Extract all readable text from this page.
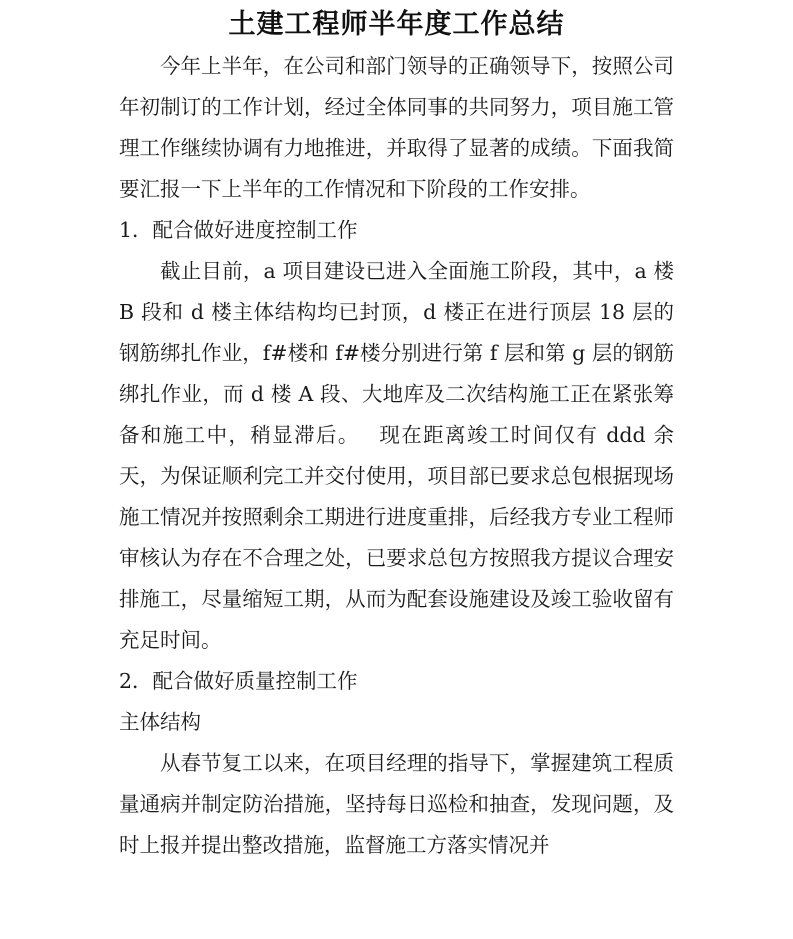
土建工程师半年度工作总结

今年上半年，在公司和部门领导的正确领导下，按照公司年初制订的工作计划，经过全体同事的共同努力，项目施工管理工作继续协调有力地推进，并取得了显著的成绩。下面我简要汇报一下上半年的工作情况和下阶段的工作安排。

1．配合做好进度控制工作

截止目前，a 项目建设已进入全面施工阶段，其中，a 楼 B 段和 d 楼主体结构均已封顶，d 楼正在进行顶层 18 层的钢筋绑扎作业，f#楼和 f#楼分别进行第 f 层和第 g 层的钢筋绑扎作业，而 d 楼 A 段、大地库及二次结构施工正在紧张筹备和施工中，稍显滞后。　 现在距离竣工时间仅有 ddd 余天，为保证顺利完工并交付使用，项目部已要求总包根据现场施工情况并按照剩余工期进行进度重排，后经我方专业工程师审核认为存在不合理之处，已要求总包方按照我方提议合理安排施工，尽量缩短工期，从而为配套设施建设及竣工验收留有充足时间。

2．配合做好质量控制工作

主体结构

从春节复工以来，在项目经理的指导下，掌握建筑工程质量通病并制定防治措施，坚持每日巡检和抽查，发现问题，及时上报并提出整改措施，监督施工方落实情况并
